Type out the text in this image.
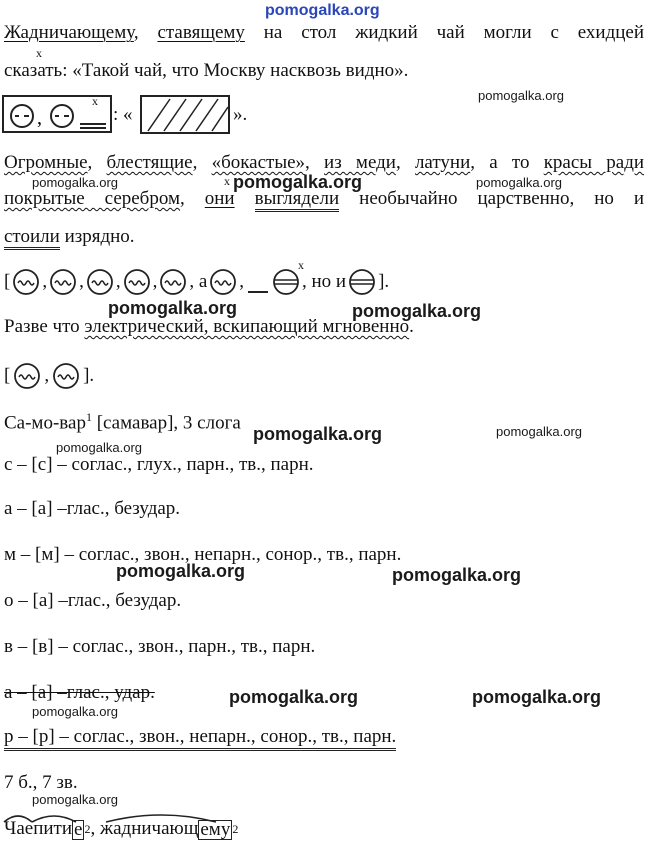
pomogalka.org
x
Жадничающему, ставящему на стол жидкий чай могли с ехидцей
сказать: «Такой чай, что Москву насквозь видно».
,
x
: «	».
pomogalka.org
Огромные, блестящие, «бокастые», из меди, латуни, а то красы ради
pomogalka.org	x pomogalka.org	pomogalka.org
покрытые серебром, они выглядели необычайно царственно, но и
стоили изрядно.
[ , , , , , а ,	, но и ].
x
pomogalka.org	pomogalka.org
Разве что электрический, вскипающий мгновенно.
[ , ].
Са-мо-вар$^1$ [самавар], 3 слога
pomogalka.org	pomogalka.org
pomogalka.org
с – [с] – соглас., глух., парн., тв., парн.
а – [а] –глас., безудар.
м – [м] – соглас., звон., непарн., сонор., тв., парн.
pomogalka.org	pomogalka.org
о – [а] –глас., безудар.
в – [в] – соглас., звон., парн., тв., парн.
а – [а] –глас., удар.	pomogalka.org	pomogalka.org
pomogalka.org
р – [р] – соглас., звон., непарн., сонор., тв., парн.
7 б., 7 зв.
pomogalka.org
Чаепити е 2 ,
жадничающ ему 2
